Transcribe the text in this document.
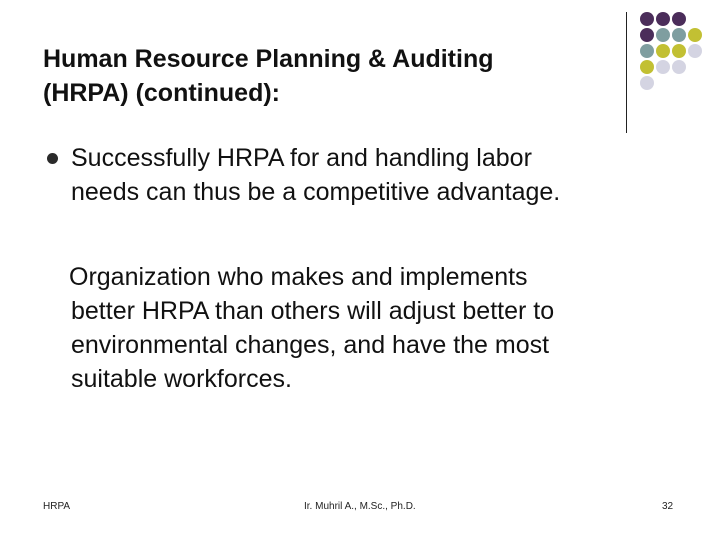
Human Resource Planning & Auditing
(HRPA) (continued):
Successfully HRPA for and handling labor
needs can thus be a competitive advantage.
Organization who makes and implements
better HRPA than others will adjust better to
environmental changes, and have the most
suitable workforces.
HRPA	Ir. Muhril A., M.Sc., Ph.D.	32
